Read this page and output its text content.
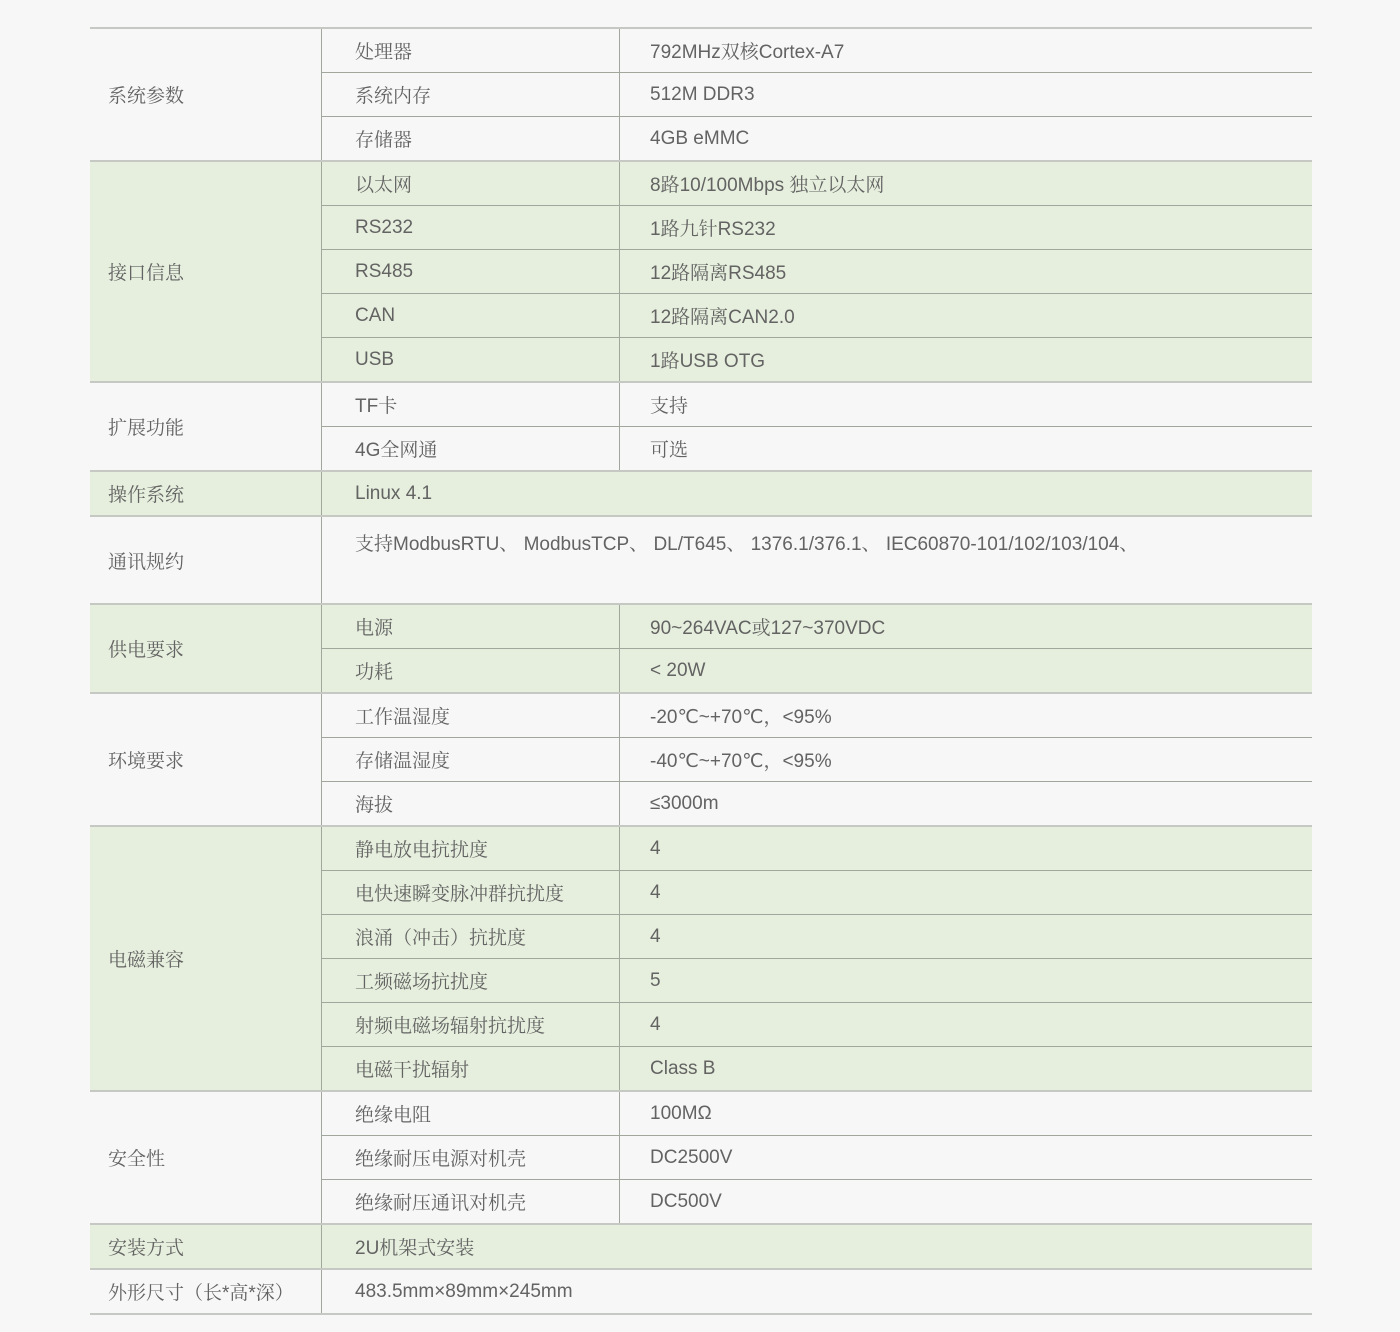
系统参数
处理器	792MHz双核Cortex-A7
系统内存	512M DDR3
存储器	4GB eMMC
接口信息
以太网	8路10/100Mbps 独立以太网
RS232	1路九针RS232
RS485	12路隔离RS485
CAN	12路隔离CAN2.0
USB	1路USB OTG
扩展功能
TF卡	支持
4G全网通	可选
操作系统	Linux 4.1
通讯规约
支持ModbusRTU、 ModbusTCP、 DL/T645、 1376.1/376.1、 IEC60870-101/102/103/104、
供电要求
电源	90~264VAC或127~370VDC
功耗	< 20W
环境要求
工作温湿度	-20℃~+70℃，<95%
存储温湿度	-40℃~+70℃，<95%
海拔	≤3000m
电磁兼容
静电放电抗扰度	4
电快速瞬变脉冲群抗扰度	4
浪涌（冲击）抗扰度	4
工频磁场抗扰度	5
射频电磁场辐射抗扰度	4
电磁干扰辐射	Class B
安全性
绝缘电阻	100MΩ
绝缘耐压电源对机壳	DC2500V
绝缘耐压通讯对机壳	DC500V
安装方式	2U机架式安装
外形尺寸（长*高*深）	483.5mm×89mm×245mm
